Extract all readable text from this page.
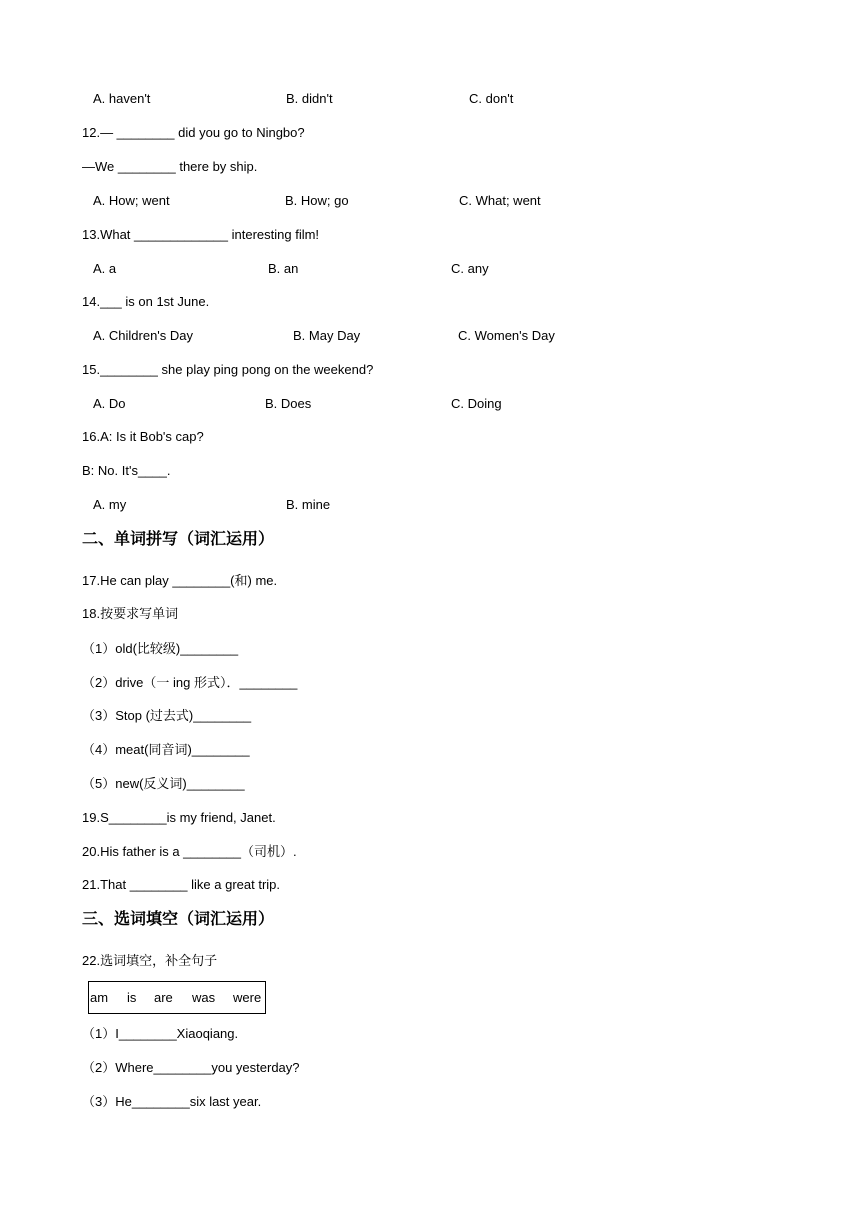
A. haven't	B. didn't	C. don't
12.— ________ did you go to Ningbo?
—We ________ there by ship.
A. How; went	B. How; go	C. What; went
13.What _____________ interesting film!
A. a	B. an	C. any
14.___ is on 1st June.
A. Children's Day	B. May Day	C. Women's Day
15.________ she play ping pong on the weekend?
A. Do	B. Does	C. Doing
16.A: Is it Bob's cap?
B: No. It's____.
A. my	B. mine
二、单词拼写（词汇运用）
17.He can play ________(和) me.
18.按要求写单词
（1）old(比较级)________
（2）drive（一 ing 形式）．________
（3）Stop (过去式)________
（4）meat(同音词)________
（5）new(反义词)________
19.S________is my friend, Janet.
20.His father is a ________（司机）.
21.That ________ like a great trip.
三、选词填空（词汇运用）
22.选词填空，补全句子
am is are was were
（1）I________Xiaoqiang.
（2）Where________you yesterday?
（3）He________six last year.
